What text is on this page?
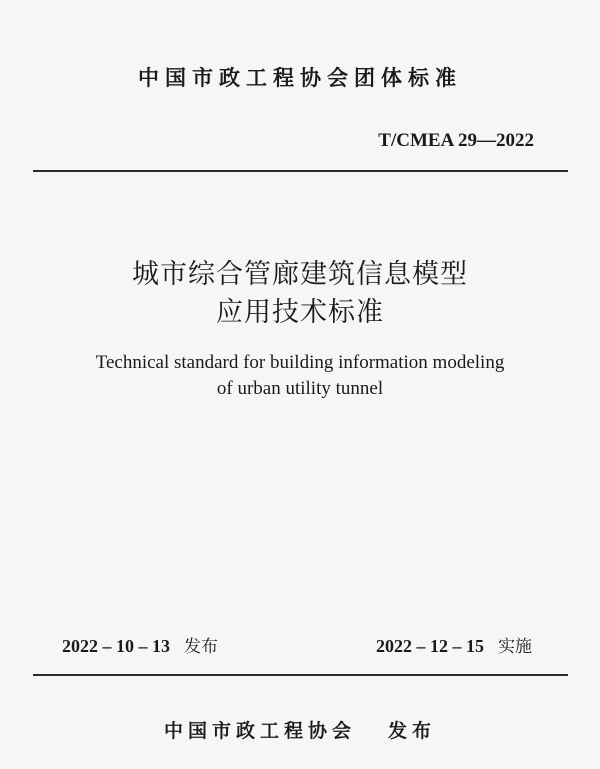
中国市政工程协会团体标准
T/CMEA 29—2022
城市综合管廊建筑信息模型
应用技术标准
Technical standard for building information modeling
of urban utility tunnel
2022 – 10 – 13 发布	2022 – 12 – 15 实施
中国市政工程协会 发布
